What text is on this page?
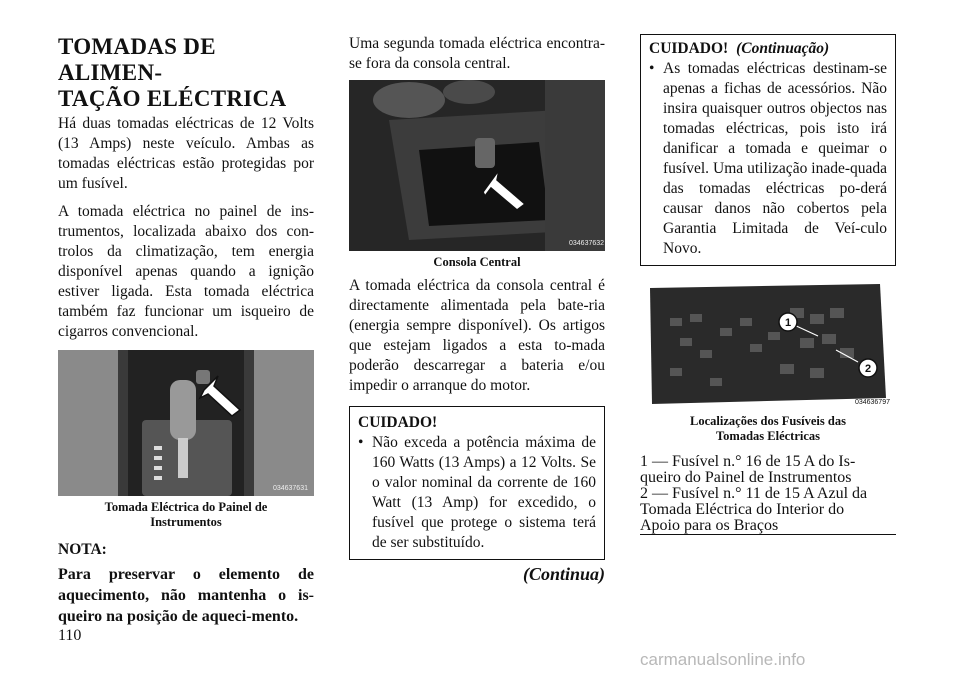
TOMADAS DE ALIMEN-
TAÇÃO ELÉCTRICA

Há duas tomadas eléctricas de 12 Volts (13 Amps) neste veículo. Ambas as tomadas eléctricas estão protegidas por um fusível.

A tomada eléctrica no painel de ins-trumentos, localizada abaixo dos con-trolos da climatização, tem energia disponível apenas quando a ignição estiver ligada. Esta tomada eléctrica também faz funcionar um isqueiro de cigarros convencional.

034637631
Tomada Eléctrica do Painel de
Instrumentos

NOTA:

Para preservar o elemento de aquecimento, não mantenha o is-queiro na posição de aqueci-mento.

Uma segunda tomada eléctrica encontra-se fora da consola central.

034637632
Consola Central

A tomada eléctrica da consola central é directamente alimentada pela bate-ria (energia sempre disponível). Os artigos que estejam ligados a esta to-mada poderão descarregar a bateria e/ou impedir o arranque do motor.

CUIDADO!
• Não exceda a potência máxima de 160 Watts (13 Amps) a 12 Volts. Se o valor nominal da corrente de 160 Watt (13 Amp) for excedido, o fusível que protege o sistema terá de ser substituído.
(Continua)
CUIDADO! (Continuação)
• As tomadas eléctricas destinam-se apenas a fichas de acessórios. Não insira quaisquer outros objectos nas tomadas eléctricas, pois isto irá danificar a tomada e queimar o fusível. Uma utilização inade-quada das tomadas eléctricas po-derá causar danos não cobertos pela Garantia Limitada de Veí-culo Novo.
1
2
034636797
Localizações dos Fusíveis das
Tomadas Eléctricas
1 — Fusível n.° 16 de 15 A do Is-
queiro do Painel de Instrumentos
2 — Fusível n.° 11 de 15 A Azul da
Tomada Eléctrica do Interior do
Apoio para os Braços
110
carmanualsonline.info
